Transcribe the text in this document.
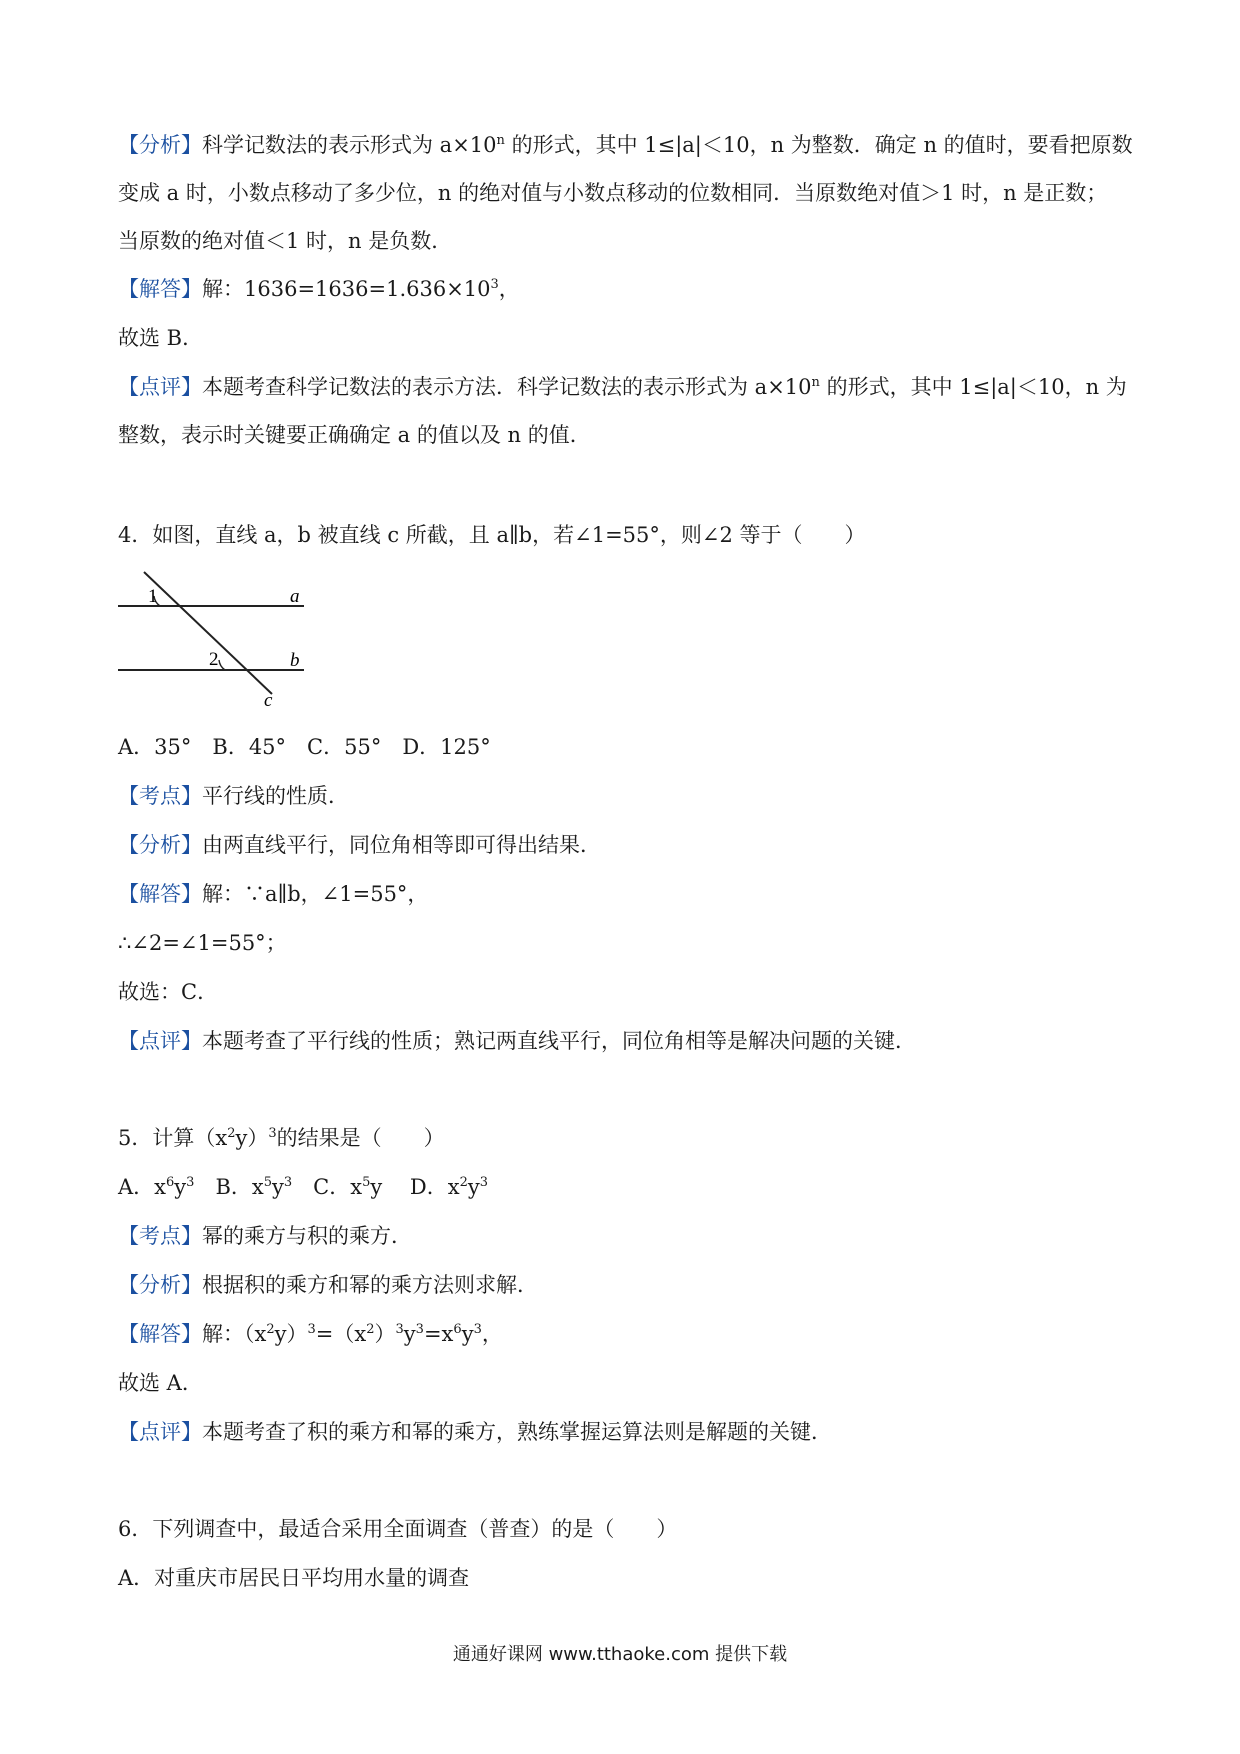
【分析】科学记数法的表示形式为 $a\times 10^n$ 的形式，其中 1≤|a|＜10，n 为整数．确定 n 的值时，要看把原数
变成 a 时，小数点移动了多少位，n 的绝对值与小数点移动的位数相同．当原数绝对值＞1 时，n 是正数；
当原数的绝对值＜1 时，n 是负数．
【解答】解：$1636=1636=1.636\times 10^3$，
故选 B．
【点评】本题考查科学记数法的表示方法．科学记数法的表示形式为 $a\times 10^n$ 的形式，其中 1≤|a|＜10，n 为
整数，表示时关键要正确确定 a 的值以及 n 的值．
4．如图，直线 a，b 被直线 c 所截，且 a∥b，若∠1=55°，则∠2 等于（　　）
1
2
a
b
c
A．35°　B．45°　C．55°　D．125°
【考点】平行线的性质．
【分析】由两直线平行，同位角相等即可得出结果．
【解答】解：∵a∥b，∠1=55°，
∴∠2=∠1=55°；
故选：C．
【点评】本题考查了平行线的性质；熟记两直线平行，同位角相等是解决问题的关键．
5．计算$(x^2y)^3$的结果是（　　）
A．$x^6y^3$　B．$x^5y^3$　C．$x^5y$　 D．$x^2y^3$
【考点】幂的乘方与积的乘方．
【分析】根据积的乘方和幂的乘方法则求解．
【解答】解：$(x^2y)^3=(x^2)^3y^3=x^6y^3$，
故选 A．
【点评】本题考查了积的乘方和幂的乘方，熟练掌握运算法则是解题的关键．
6．下列调查中，最适合采用全面调查（普查）的是（　　）
A．对重庆市居民日平均用水量的调查
通通好课网 www.tthaoke.com 提供下载
